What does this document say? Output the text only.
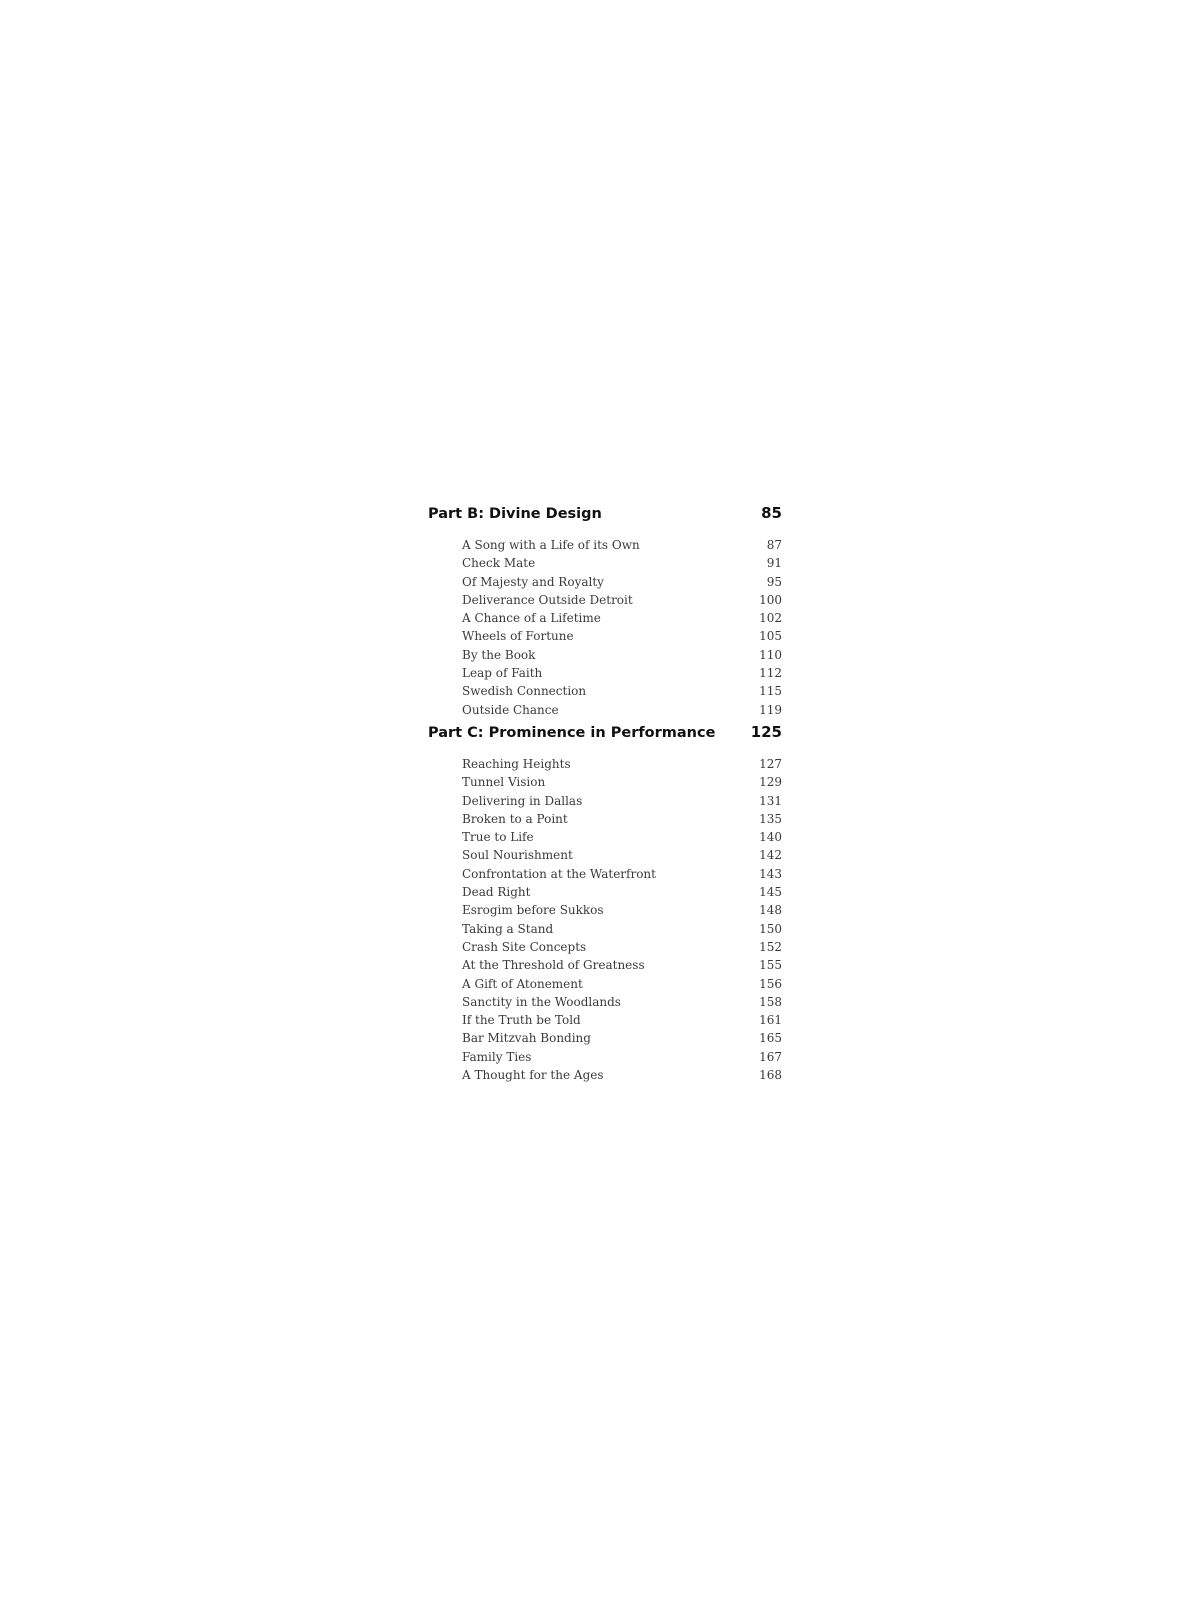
Part B: Divine Design	85
A Song with a Life of its Own	87
Check Mate	91
Of Majesty and Royalty	95
Deliverance Outside Detroit	100
A Chance of a Lifetime	102
Wheels of Fortune	105
By the Book	110
Leap of Faith	112
Swedish Connection	115
Outside Chance	119
Part C: Prominence in Performance 125
Reaching Heights	127
Tunnel Vision	129
Delivering in Dallas	131
Broken to a Point	135
True to Life	140
Soul Nourishment	142
Confrontation at the Waterfront	143
Dead Right	145
Esrogim before Sukkos	148
Taking a Stand	150
Crash Site Concepts	152
At the Threshold of Greatness	155
A Gift of Atonement	156
Sanctity in the Woodlands	158
If the Truth be Told	161
Bar Mitzvah Bonding	165
Family Ties	167
A Thought for the Ages	168
